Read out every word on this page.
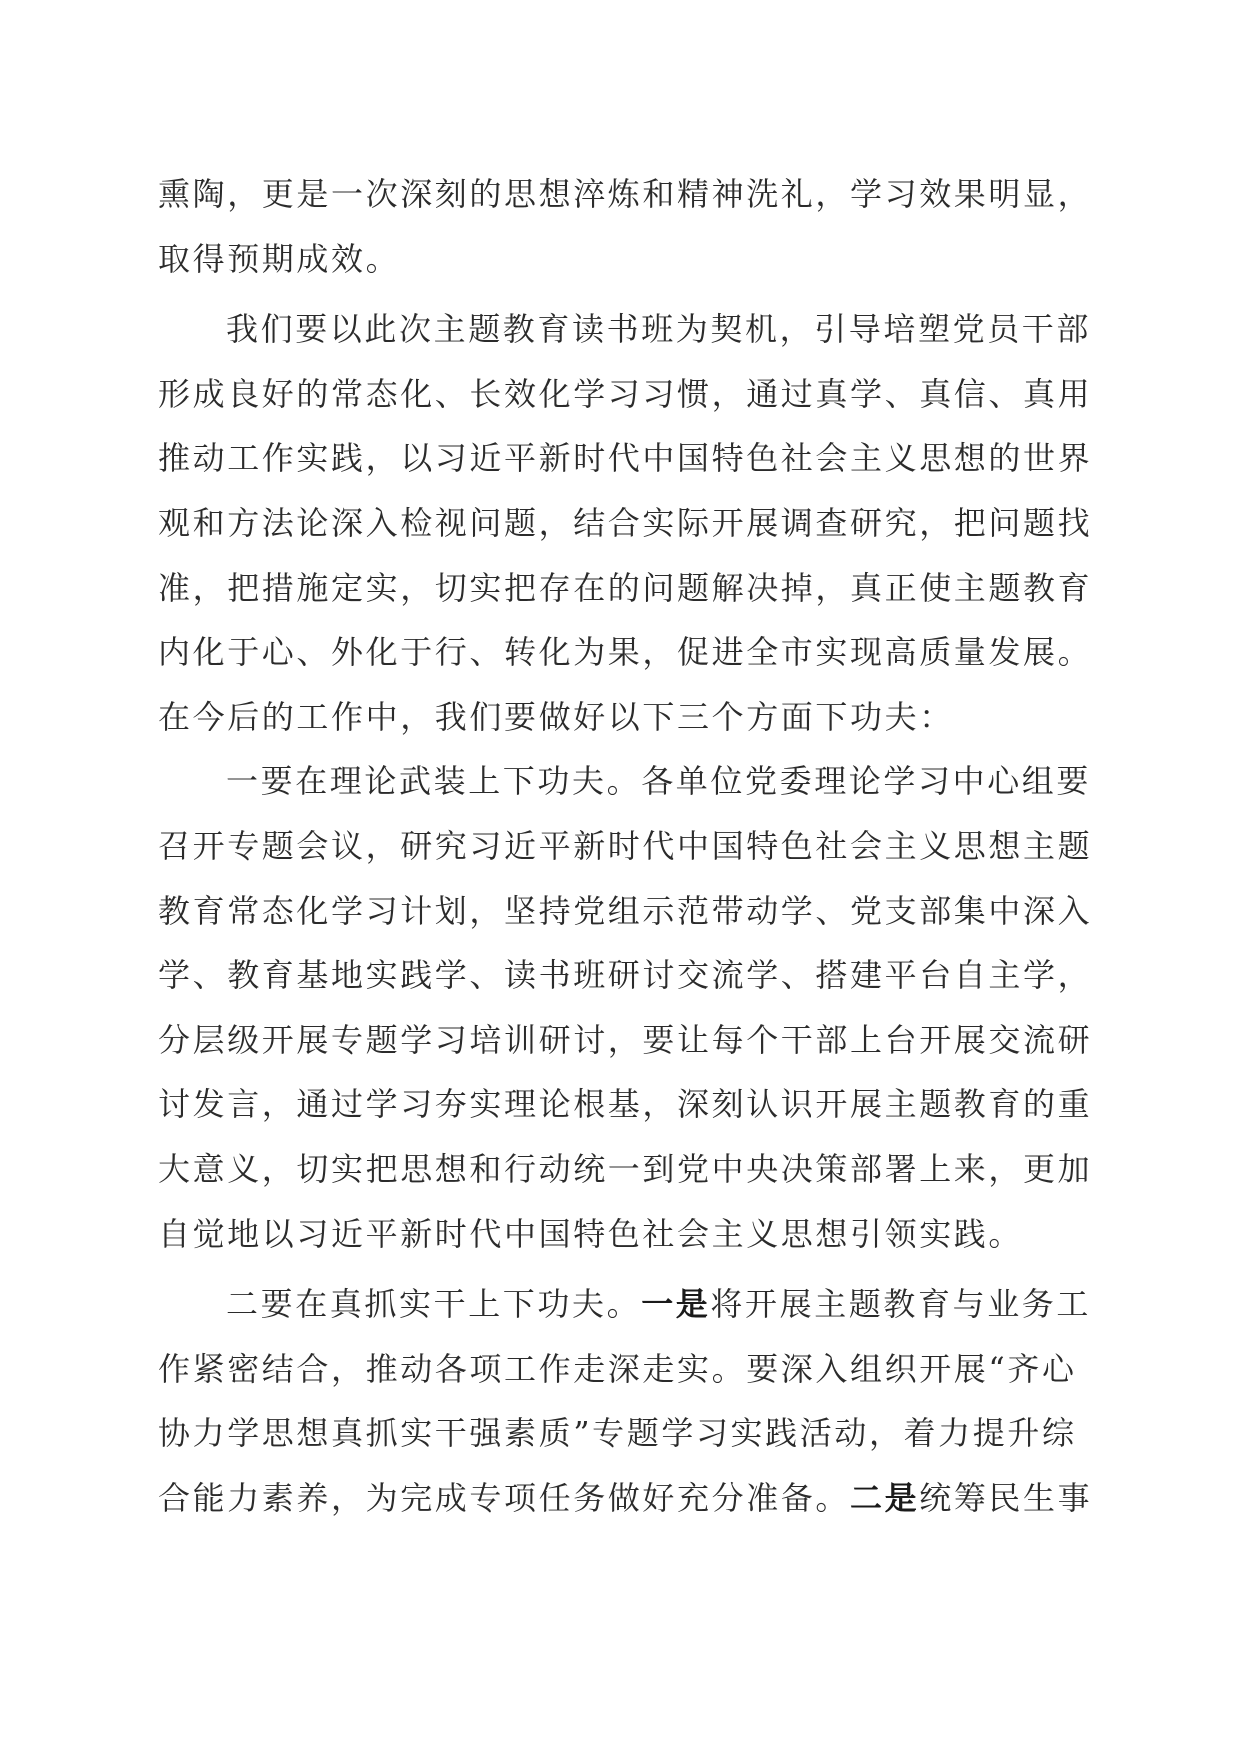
熏陶，更是一次深刻的思想淬炼和精神洗礼，学习效果明显，
取得预期成效。
我们要以此次主题教育读书班为契机，引导培塑党员干部
形成良好的常态化、长效化学习习惯，通过真学、真信、真用
推动工作实践，以习近平新时代中国特色社会主义思想的世界
观和方法论深入检视问题，结合实际开展调查研究，把问题找
准，把措施定实，切实把存在的问题解决掉，真正使主题教育
内化于心、外化于行、转化为果，促进全市实现高质量发展。
在今后的工作中，我们要做好以下三个方面下功夫：
一要在理论武装上下功夫。各单位党委理论学习中心组要
召开专题会议，研究习近平新时代中国特色社会主义思想主题
教育常态化学习计划，坚持党组示范带动学、党支部集中深入
学、教育基地实践学、读书班研讨交流学、搭建平台自主学，
分层级开展专题学习培训研讨，要让每个干部上台开展交流研
讨发言，通过学习夯实理论根基，深刻认识开展主题教育的重
大意义，切实把思想和行动统一到党中央决策部署上来，更加
自觉地以习近平新时代中国特色社会主义思想引领实践。
二要在真抓实干上下功夫。一是将开展主题教育与业务工
作紧密结合，推动各项工作走深走实。要深入组织开展“齐心
协力学思想真抓实干强素质”专题学习实践活动，着力提升综
合能力素养，为完成专项任务做好充分准备。二是统筹民生事
